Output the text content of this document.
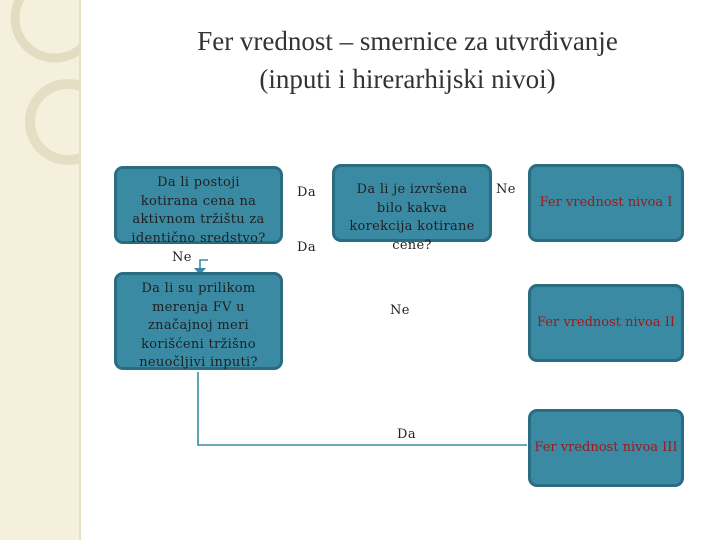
Fer vrednost – smernice za utvrđivanje
(inputi i hirerarhijski nivoi)
Da li postoji kotirana cena na aktivnom tržištu za identično sredstvo?
Da li je izvršena bilo kakva korekcija kotirane cene?
Da li su prilikom merenja FV u značajnoj meri korišćeni tržišno neuočljivi inputi?
Fer vrednost nivoa I
Fer vrednost nivoa II
Fer vrednost nivoa III
Da
Ne
Da
Ne
Ne
Da
